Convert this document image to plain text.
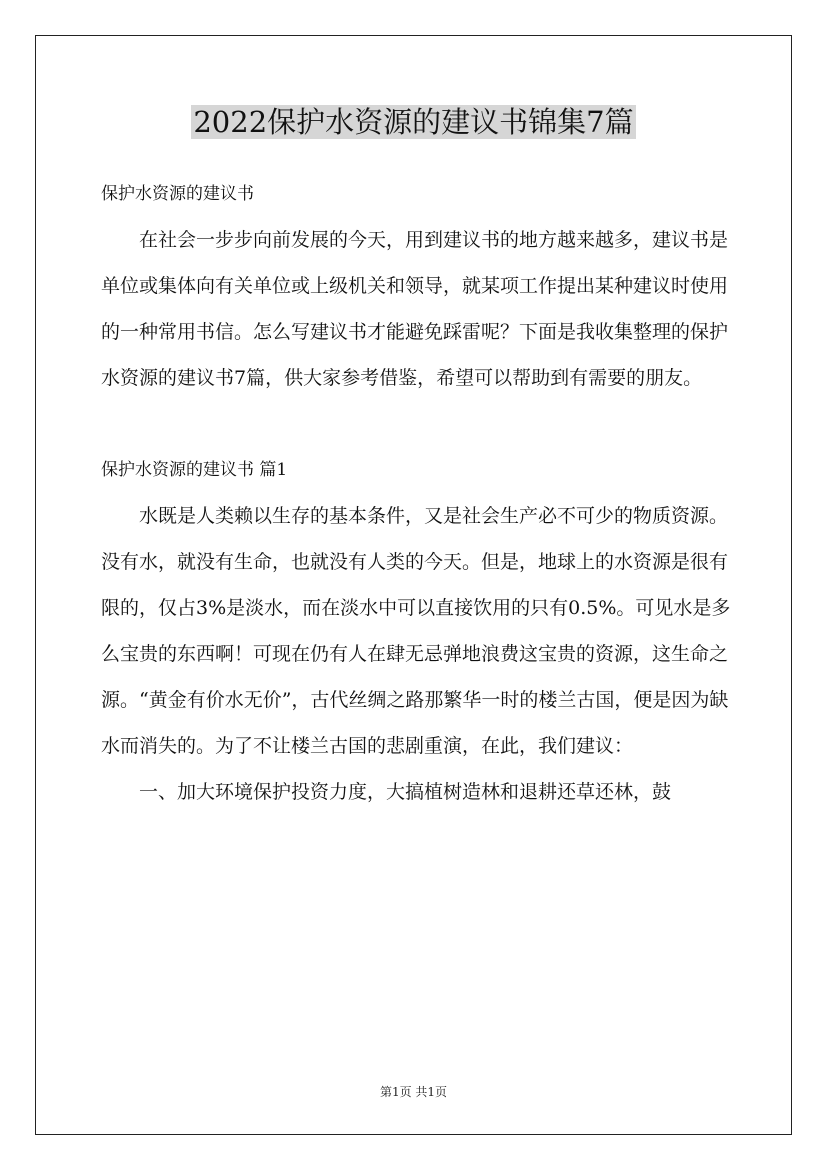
2022保护水资源的建议书锦集7篇

保护水资源的建议书

在社会一步步向前发展的今天，用到建议书的地方越来越多，建议书是单位或集体向有关单位或上级机关和领导，就某项工作提出某种建议时使用的一种常用书信。怎么写建议书才能避免踩雷呢？下面是我收集整理的保护水资源的建议书7篇，供大家参考借鉴，希望可以帮助到有需要的朋友。

保护水资源的建议书 篇1

水既是人类赖以生存的基本条件，又是社会生产必不可少的物质资源。没有水，就没有生命，也就没有人类的今天。但是，地球上的水资源是很有限的，仅占3%是淡水，而在淡水中可以直接饮用的只有0.5%。可见水是多么宝贵的东西啊！可现在仍有人在肆无忌弹地浪费这宝贵的资源，这生命之源。“黄金有价水无价”，古代丝绸之路那繁华一时的楼兰古国，便是因为缺水而消失的。为了不让楼兰古国的悲剧重演，在此，我们建议：

一、加大环境保护投资力度，大搞植树造林和退耕还草还林，鼓

第1页 共1页
